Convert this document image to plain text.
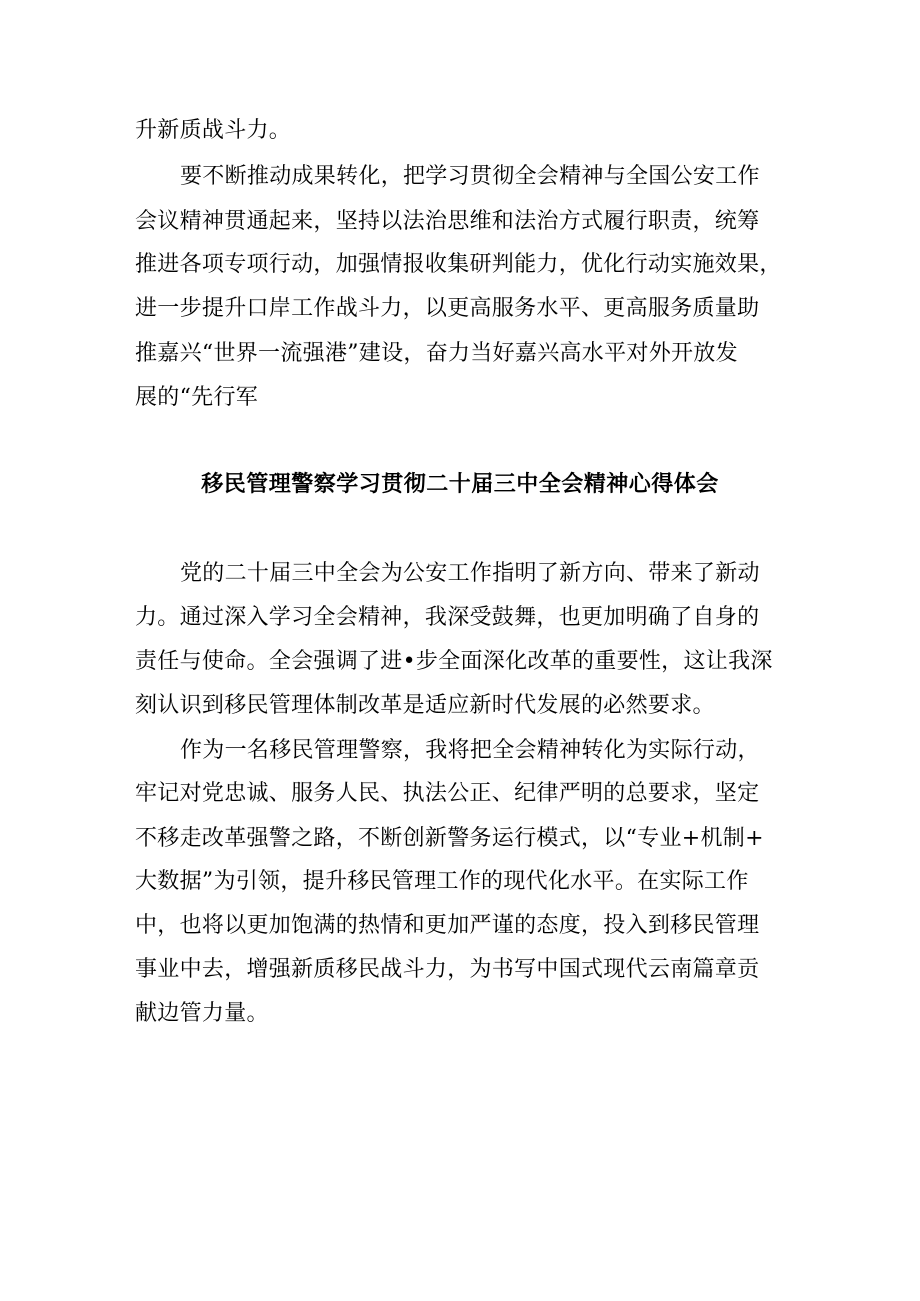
升新质战斗力。
要不断推动成果转化，把学习贯彻全会精神与全国公安工作
会议精神贯通起来，坚持以法治思维和法治方式履行职责，统筹
推进各项专项行动，加强情报收集研判能力，优化行动实施效果，
进一步提升口岸工作战斗力，以更高服务水平、更高服务质量助
推嘉兴“世界一流强港”建设，奋力当好嘉兴高水平对外开放发
展的“先行军
移民管理警察学习贯彻二十届三中全会精神心得体会
党的二十届三中全会为公安工作指明了新方向、带来了新动
力。通过深入学习全会精神，我深受鼓舞，也更加明确了自身的
责任与使命。全会强调了进•步全面深化改革的重要性，这让我深
刻认识到移民管理体制改革是适应新时代发展的必然要求。
作为一名移民管理警察，我将把全会精神转化为实际行动，
牢记对党忠诚、服务人民、执法公正、纪律严明的总要求，坚定
不移走改革强警之路，不断创新警务运行模式，以“专业+机制+
大数据”为引领，提升移民管理工作的现代化水平。在实际工作
中，也将以更加饱满的热情和更加严谨的态度，投入到移民管理
事业中去，增强新质移民战斗力，为书写中国式现代云南篇章贡
献边管力量。
